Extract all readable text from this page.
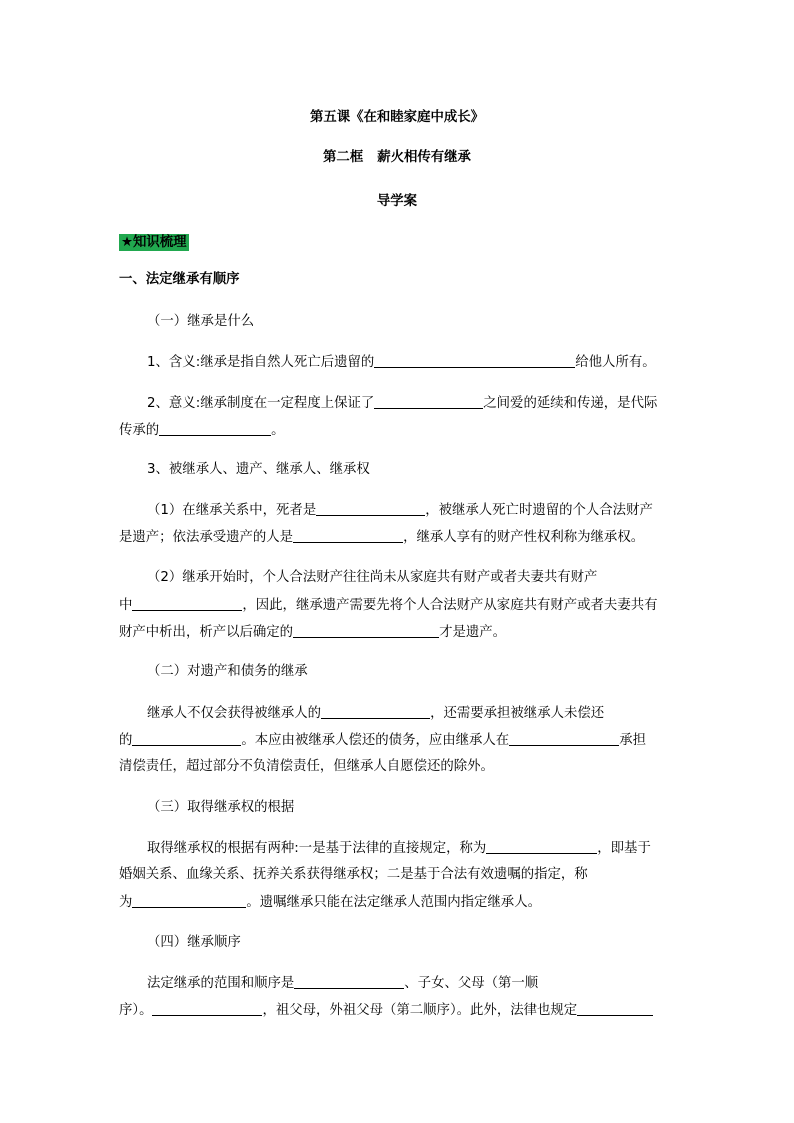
第五课《在和睦家庭中成长》
第二框   薪火相传有继承
导学案
★知识梳理
一、法定继承有顺序
（一）继承是什么
1、含义:继承是指自然人死亡后遗留的	给他人所有。
2、意义:继承制度在一定程度上保证了	之间爱的延续和传递，是代际
传承的	。
3、被继承人、遗产、继承人、继承权
（1）在继承关系中，死者是	，被继承人死亡时遗留的个人合法财产
是遗产；依法承受遗产的人是	，继承人享有的财产性权利称为继承权。
（2）继承开始时，个人合法财产往往尚未从家庭共有财产或者夫妻共有财产
中	，因此，继承遗产需要先将个人合法财产从家庭共有财产或者夫妻共有
财产中析出，析产以后确定的	才是遗产。
（二）对遗产和债务的继承
继承人不仅会获得被继承人的	，还需要承担被继承人未偿还
的	。本应由被继承人偿还的债务，应由继承人在	承担
清偿责任，超过部分不负清偿责任，但继承人自愿偿还的除外。
（三）取得继承权的根据
取得继承权的根据有两种:一是基于法律的直接规定，称为	，即基于
婚姻关系、血缘关系、抚养关系获得继承权；二是基于合法有效遗嘱的指定，称
为	。遗嘱继承只能在法定继承人范围内指定继承人。
（四）继承顺序
法定继承的范围和顺序是	、子女、父母（第一顺
序）。	，祖父母，外祖父母（第二顺序）。此外，法律也规定
